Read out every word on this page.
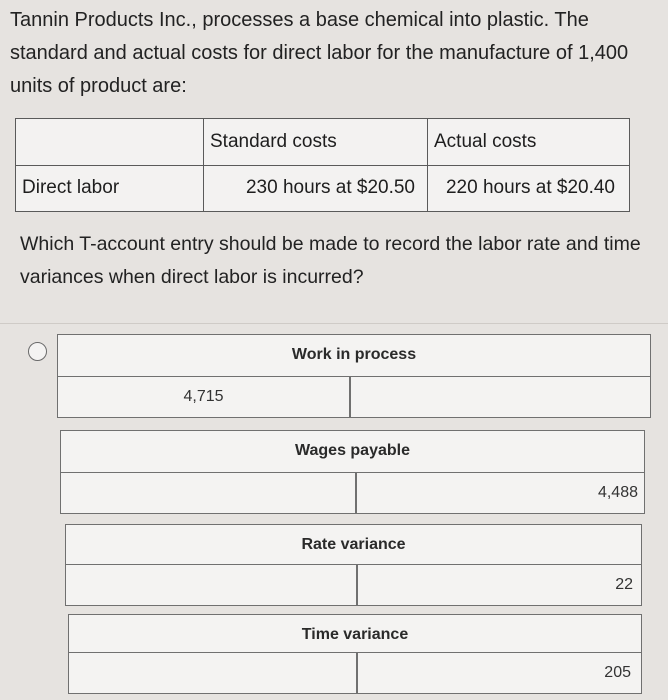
Tannin Products Inc., processes a base chemical into plastic. The standard and actual costs for direct labor for the manufacture of 1,400 units of product are:
	Standard costs	Actual costs
Direct labor	230 hours at $20.50	220 hours at $20.40
Which T-account entry should be made to record the labor rate and time variances when direct labor is incurred?
Work in process
4,715
Wages payable
4,488
Rate variance
22
Time variance
205
